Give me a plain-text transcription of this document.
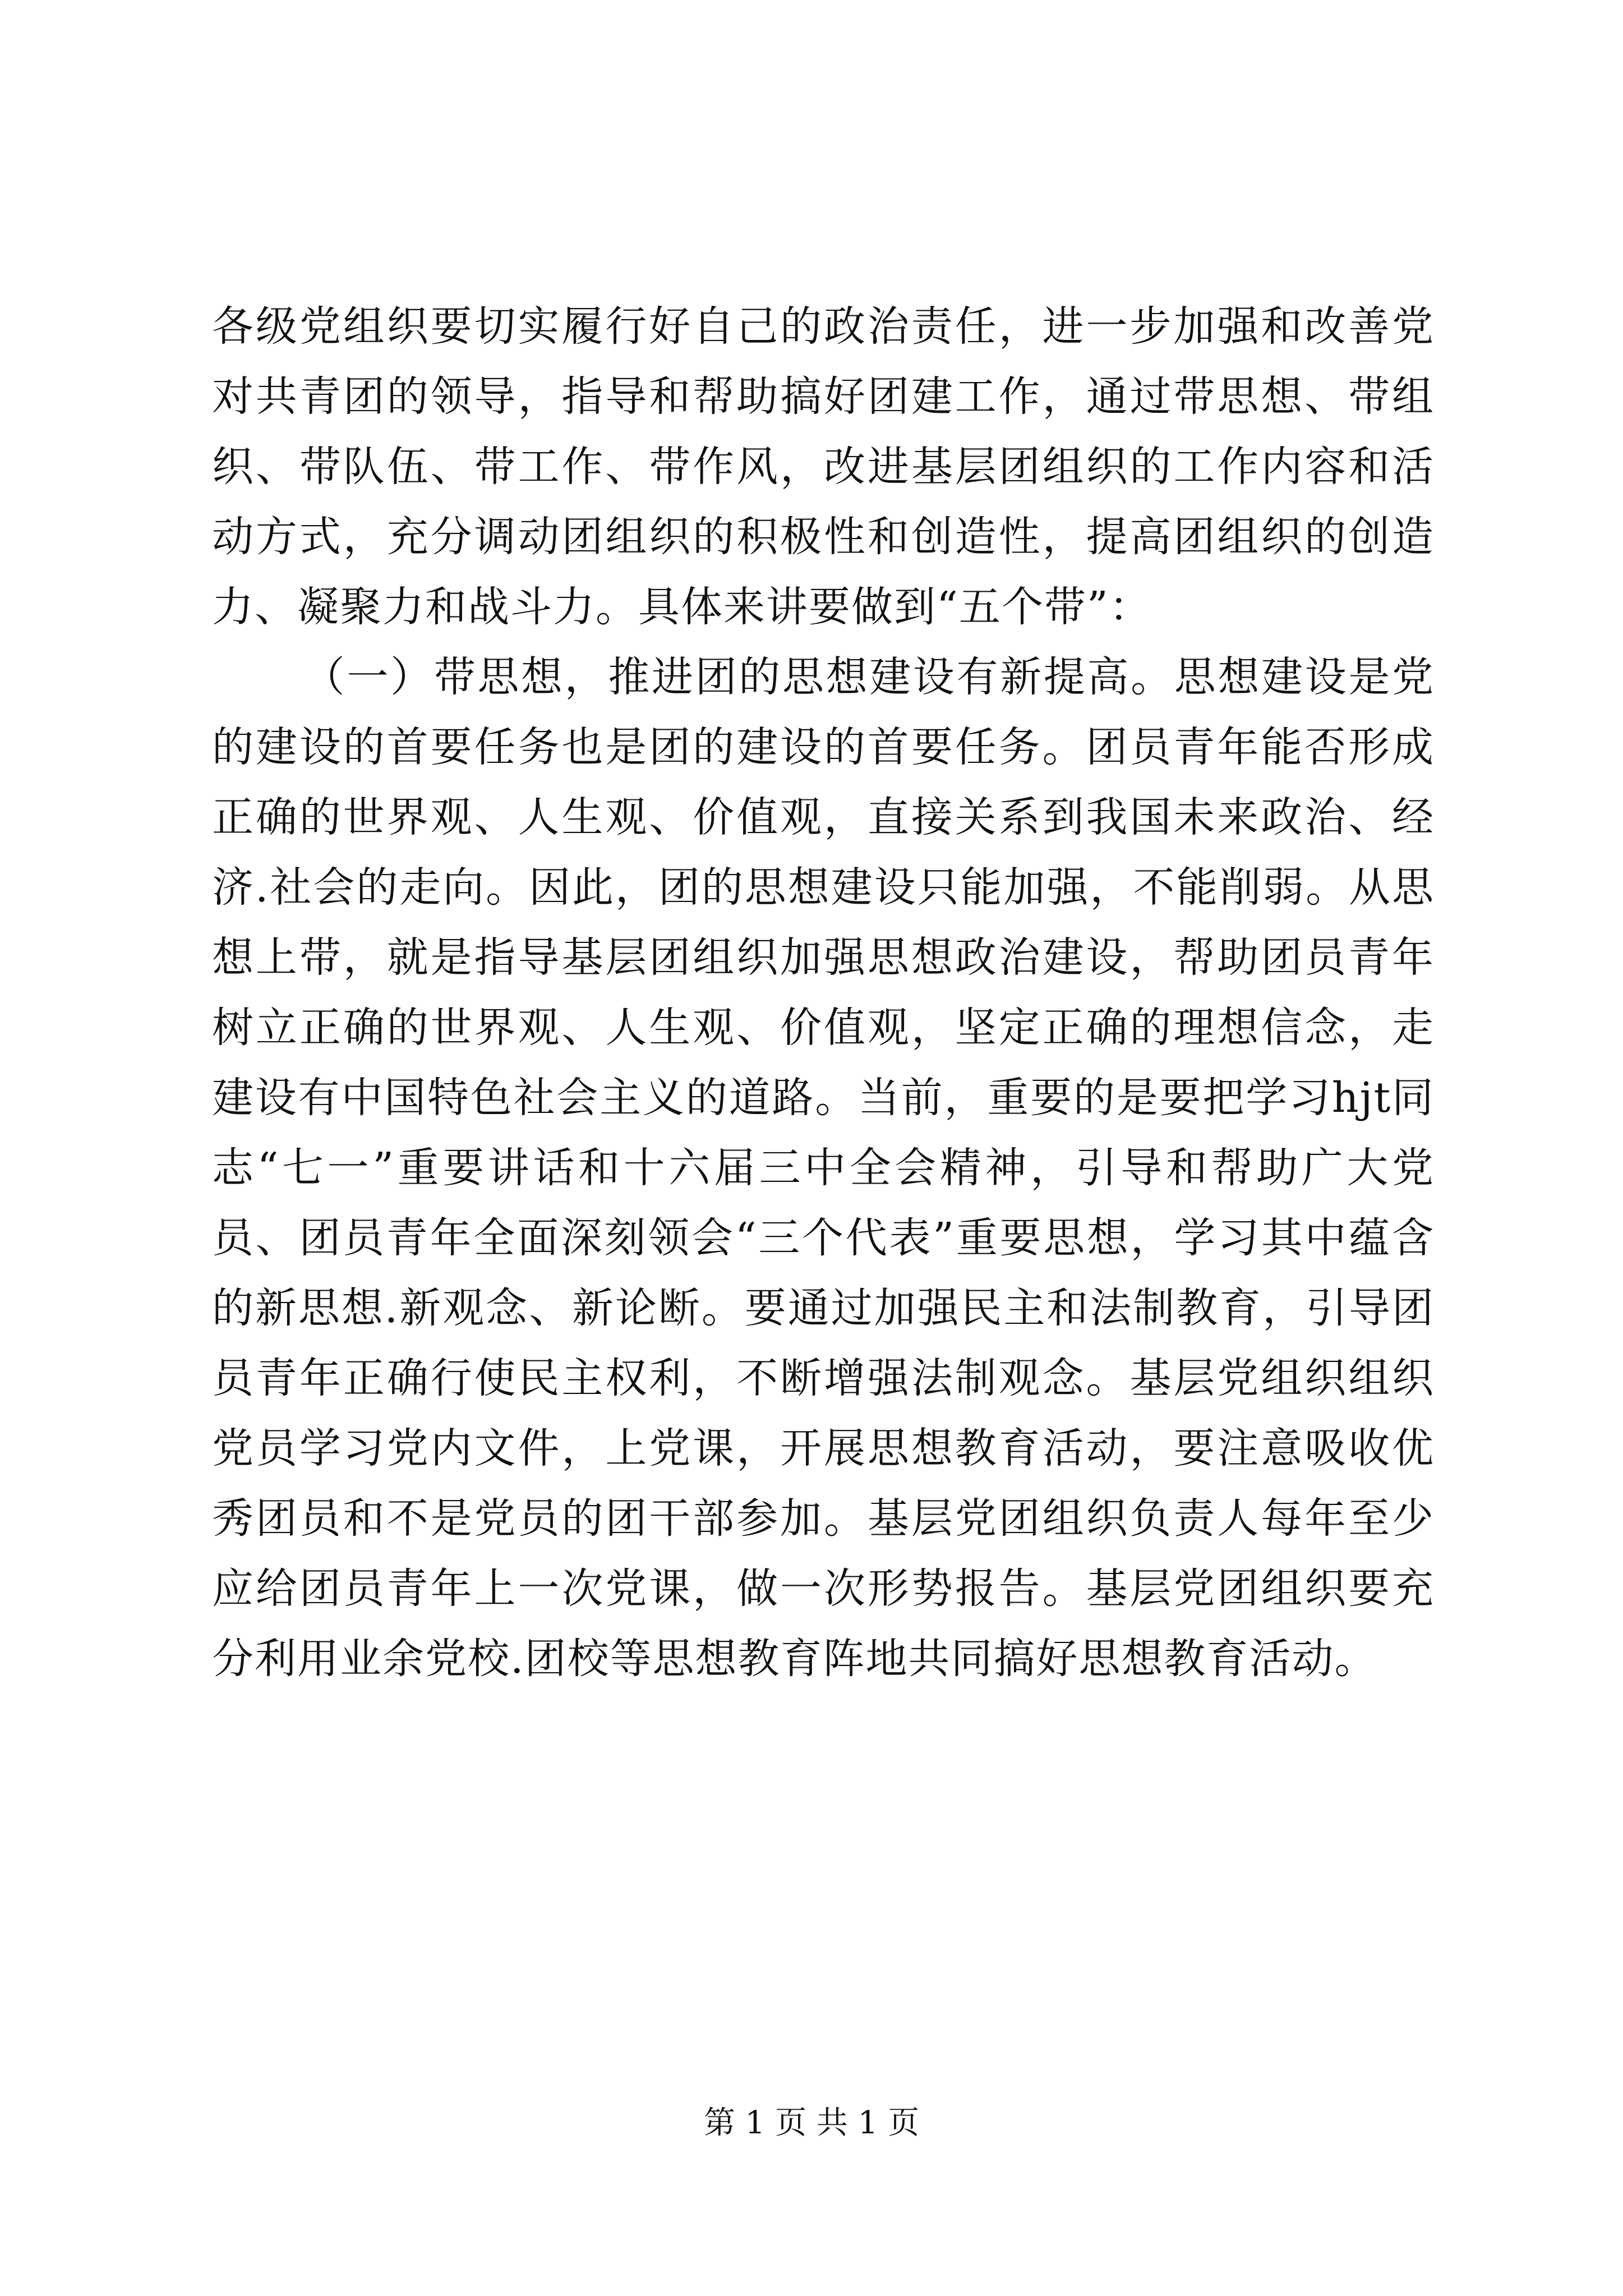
各级党组织要切实履行好自己的政治责任，进一步加强和改善党对共青团的领导，指导和帮助搞好团建工作，通过带思想、带组织、带队伍、带工作、带作风，改进基层团组织的工作内容和活动方式，充分调动团组织的积极性和创造性，提高团组织的创造力、凝聚力和战斗力。具体来讲要做到“五个带”：

（一）带思想，推进团的思想建设有新提高。思想建设是党的建设的首要任务也是团的建设的首要任务。团员青年能否形成正确的世界观、人生观、价值观，直接关系到我国未来政治、经济.社会的走向。因此，团的思想建设只能加强，不能削弱。从思想上带，就是指导基层团组织加强思想政治建设，帮助团员青年树立正确的世界观、人生观、价值观，坚定正确的理想信念，走建设有中国特色社会主义的道路。当前，重要的是要把学习hjt同志“七一”重要讲话和十六届三中全会精神，引导和帮助广大党员、团员青年全面深刻领会“三个代表”重要思想，学习其中蕴含的新思想.新观念、新论断。要通过加强民主和法制教育，引导团员青年正确行使民主权利，不断增强法制观念。基层党组织组织党员学习党内文件，上党课，开展思想教育活动，要注意吸收优秀团员和不是党员的团干部参加。基层党团组织负责人每年至少应给团员青年上一次党课，做一次形势报告。基层党团组织要充分利用业余党校.团校等思想教育阵地共同搞好思想教育活动。

第 1 页 共 1 页
